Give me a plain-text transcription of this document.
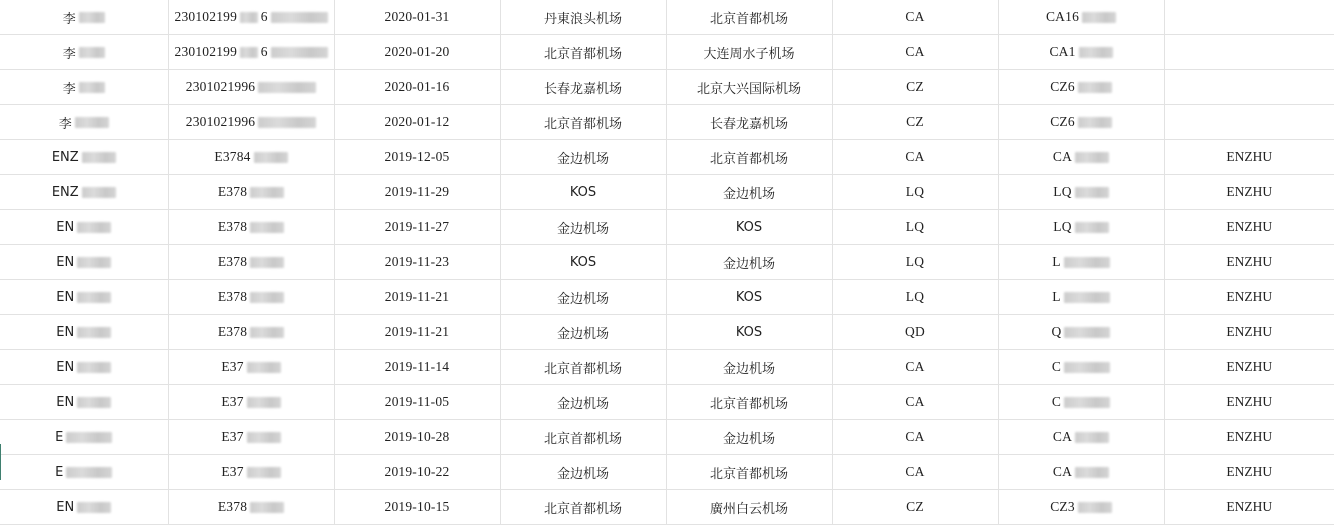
李	230102199 6	2020-01-31	丹東浪头机场	北京首都机场	CA	CA16	

李	230102199 6	2020-01-20	北京首都机场	大连周水子机场	CA	CA1	

李	2301021996	2020-01-16	长春龙嘉机场	北京大兴国际机场	CZ	CZ6	

李	2301021996	2020-01-12	北京首都机场	长春龙嘉机场	CZ	CZ6	

ENZ	E3784	2019-12-05	金边机场	北京首都机场	CA	CA	ENZHU

ENZ	E378	2019-11-29	KOS	金边机场	LQ	LQ	ENZHU

EN	E378	2019-11-27	金边机场	KOS	LQ	LQ	ENZHU

EN	E378	2019-11-23	KOS	金边机场	LQ	L	ENZHU

EN	E378	2019-11-21	金边机场	KOS	LQ	L	ENZHU

EN	E378	2019-11-21	金边机场	KOS	QD	Q	ENZHU

EN	E37	2019-11-14	北京首都机场	金边机场	CA	C	ENZHU

EN	E37	2019-11-05	金边机场	北京首都机场	CA	C	ENZHU

E	E37	2019-10-28	北京首都机场	金边机场	CA	CA	ENZHU

E	E37	2019-10-22	金边机场	北京首都机场	CA	CA	ENZHU

EN	E378	2019-10-15	北京首都机场	廣州白云机场	CZ	CZ3	ENZHU
